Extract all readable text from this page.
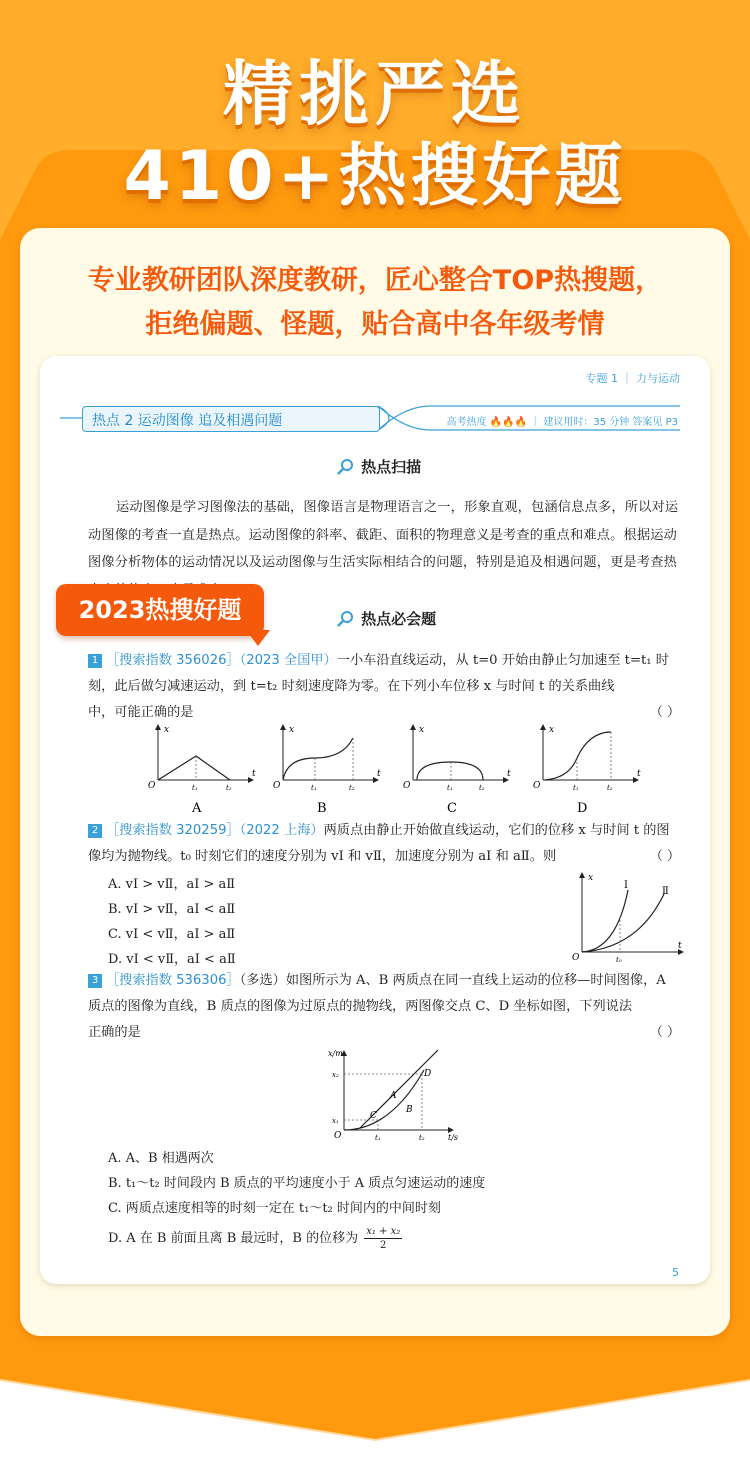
精挑严选
410+热搜好题
专业教研团队深度教研，匠心整合TOP热搜题，
拒绝偏题、怪题，贴合高中各年级考情
专题 1 ｜ 力与运动
热点 2 运动图像 追及相遇问题	高考热度 🔥🔥🔥 ｜ 建议用时：35 分钟 答案见 P3
热点扫描
运动图像是学习图像法的基础，图像语言是物理语言之一，形象直观，包涵信息点多，所以对运动图像的考查一直是热点。运动图像的斜率、截距、面积的物理意义是考查的重点和难点。根据运动图像分析物体的运动情况以及运动图像与生活实际相结合的问题，特别是追及相遇问题，更是考查热
热点必会题
1 ［搜索指数 356026］（2023 全国甲）一小车沿直线运动，从 t=0 开始由静止匀加速至 t=t₁ 时
刻，此后做匀减速运动，到 t=t₂ 时刻速度降为零。在下列小车位移 x 与时间 t 的关系曲线
中，可能正确的是	（ ）
x
t
O	t₁	t₂
A
x
t
O	t₁	t₂
B
x
t
O	t₁	t₂
C
x
t
O	t₁	t₂
D
2 ［搜索指数 320259］（2022 上海）两质点由静止开始做直线运动，它们的位移 x 与时间 t 的图
像均为抛物线。t₀ 时刻它们的速度分别为 vⅠ 和 vⅡ，加速度分别为 aⅠ 和 aⅡ。则	（ ）
A. vⅠ > vⅡ，aⅠ > aⅡ
B. vⅠ > vⅡ，aⅠ < aⅡ
C. vⅠ < vⅡ，aⅠ > aⅡ
D. vⅠ < vⅡ，aⅠ < aⅡ
x
t
O	t₀
Ⅰ
Ⅱ
3 ［搜索指数 536306］（多选）如图所示为 A、B 两质点在同一直线上运动的位移—时间图像，A
质点的图像为直线，B 质点的图像为过原点的抛物线，两图像交点 C、D 坐标如图，下列说法
正确的是	（ ）
x/m
t/s
O
x₁
x₂
t₁	t₂
C
D
A
B
A. A、B 相遇两次
B. t₁～t₂ 时间段内 B 质点的平均速度小于 A 质点匀速运动的速度
C. 两质点速度相等的时刻一定在 t₁～t₂ 时间内的中间时刻
D. A 在 B 前面且离 B 最远时，B 的位移为 $\frac{\text{x₁ + x₂}}{2}$
5
2023热搜好题
